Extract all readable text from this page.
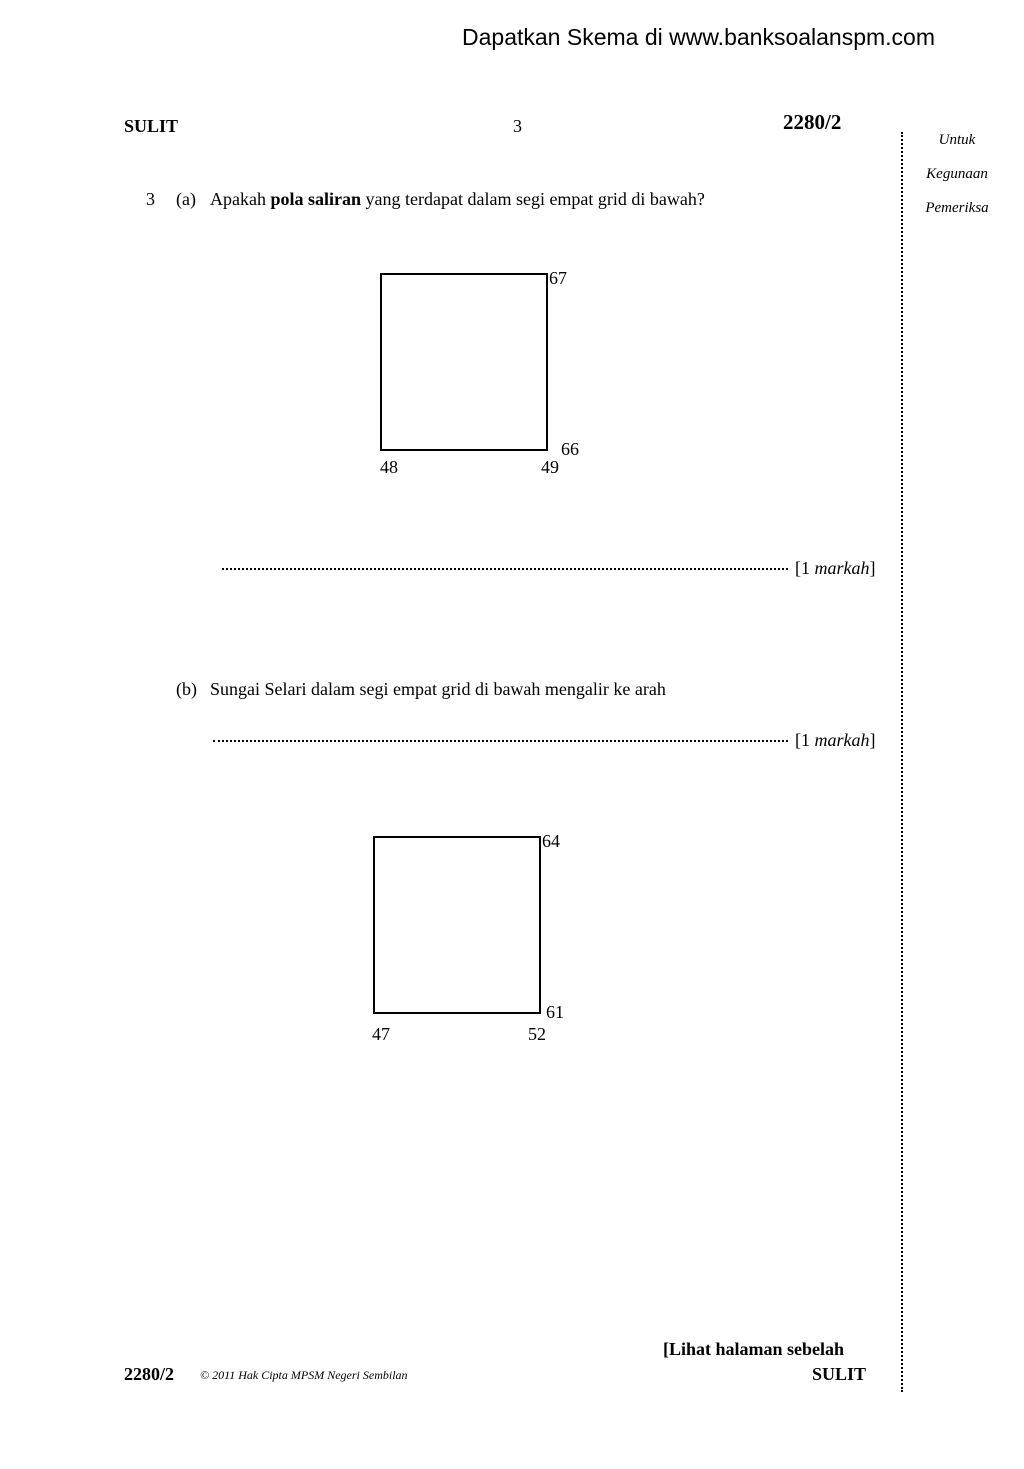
Dapatkan Skema di www.banksoalanspm.com
SULIT	3	2280/2
Untuk
Kegunaan
Pemeriksa
3 (a) Apakah pola saliran yang terdapat dalam segi empat grid di bawah?
67
66
48	49
[1 markah]
(b) Sungai Selari dalam segi empat grid di bawah mengalir ke arah
[1 markah]
64
61
47	52
[Lihat halaman sebelah
SULIT
2280/2 © 2011 Hak Cipta MPSM Negeri Sembilan
